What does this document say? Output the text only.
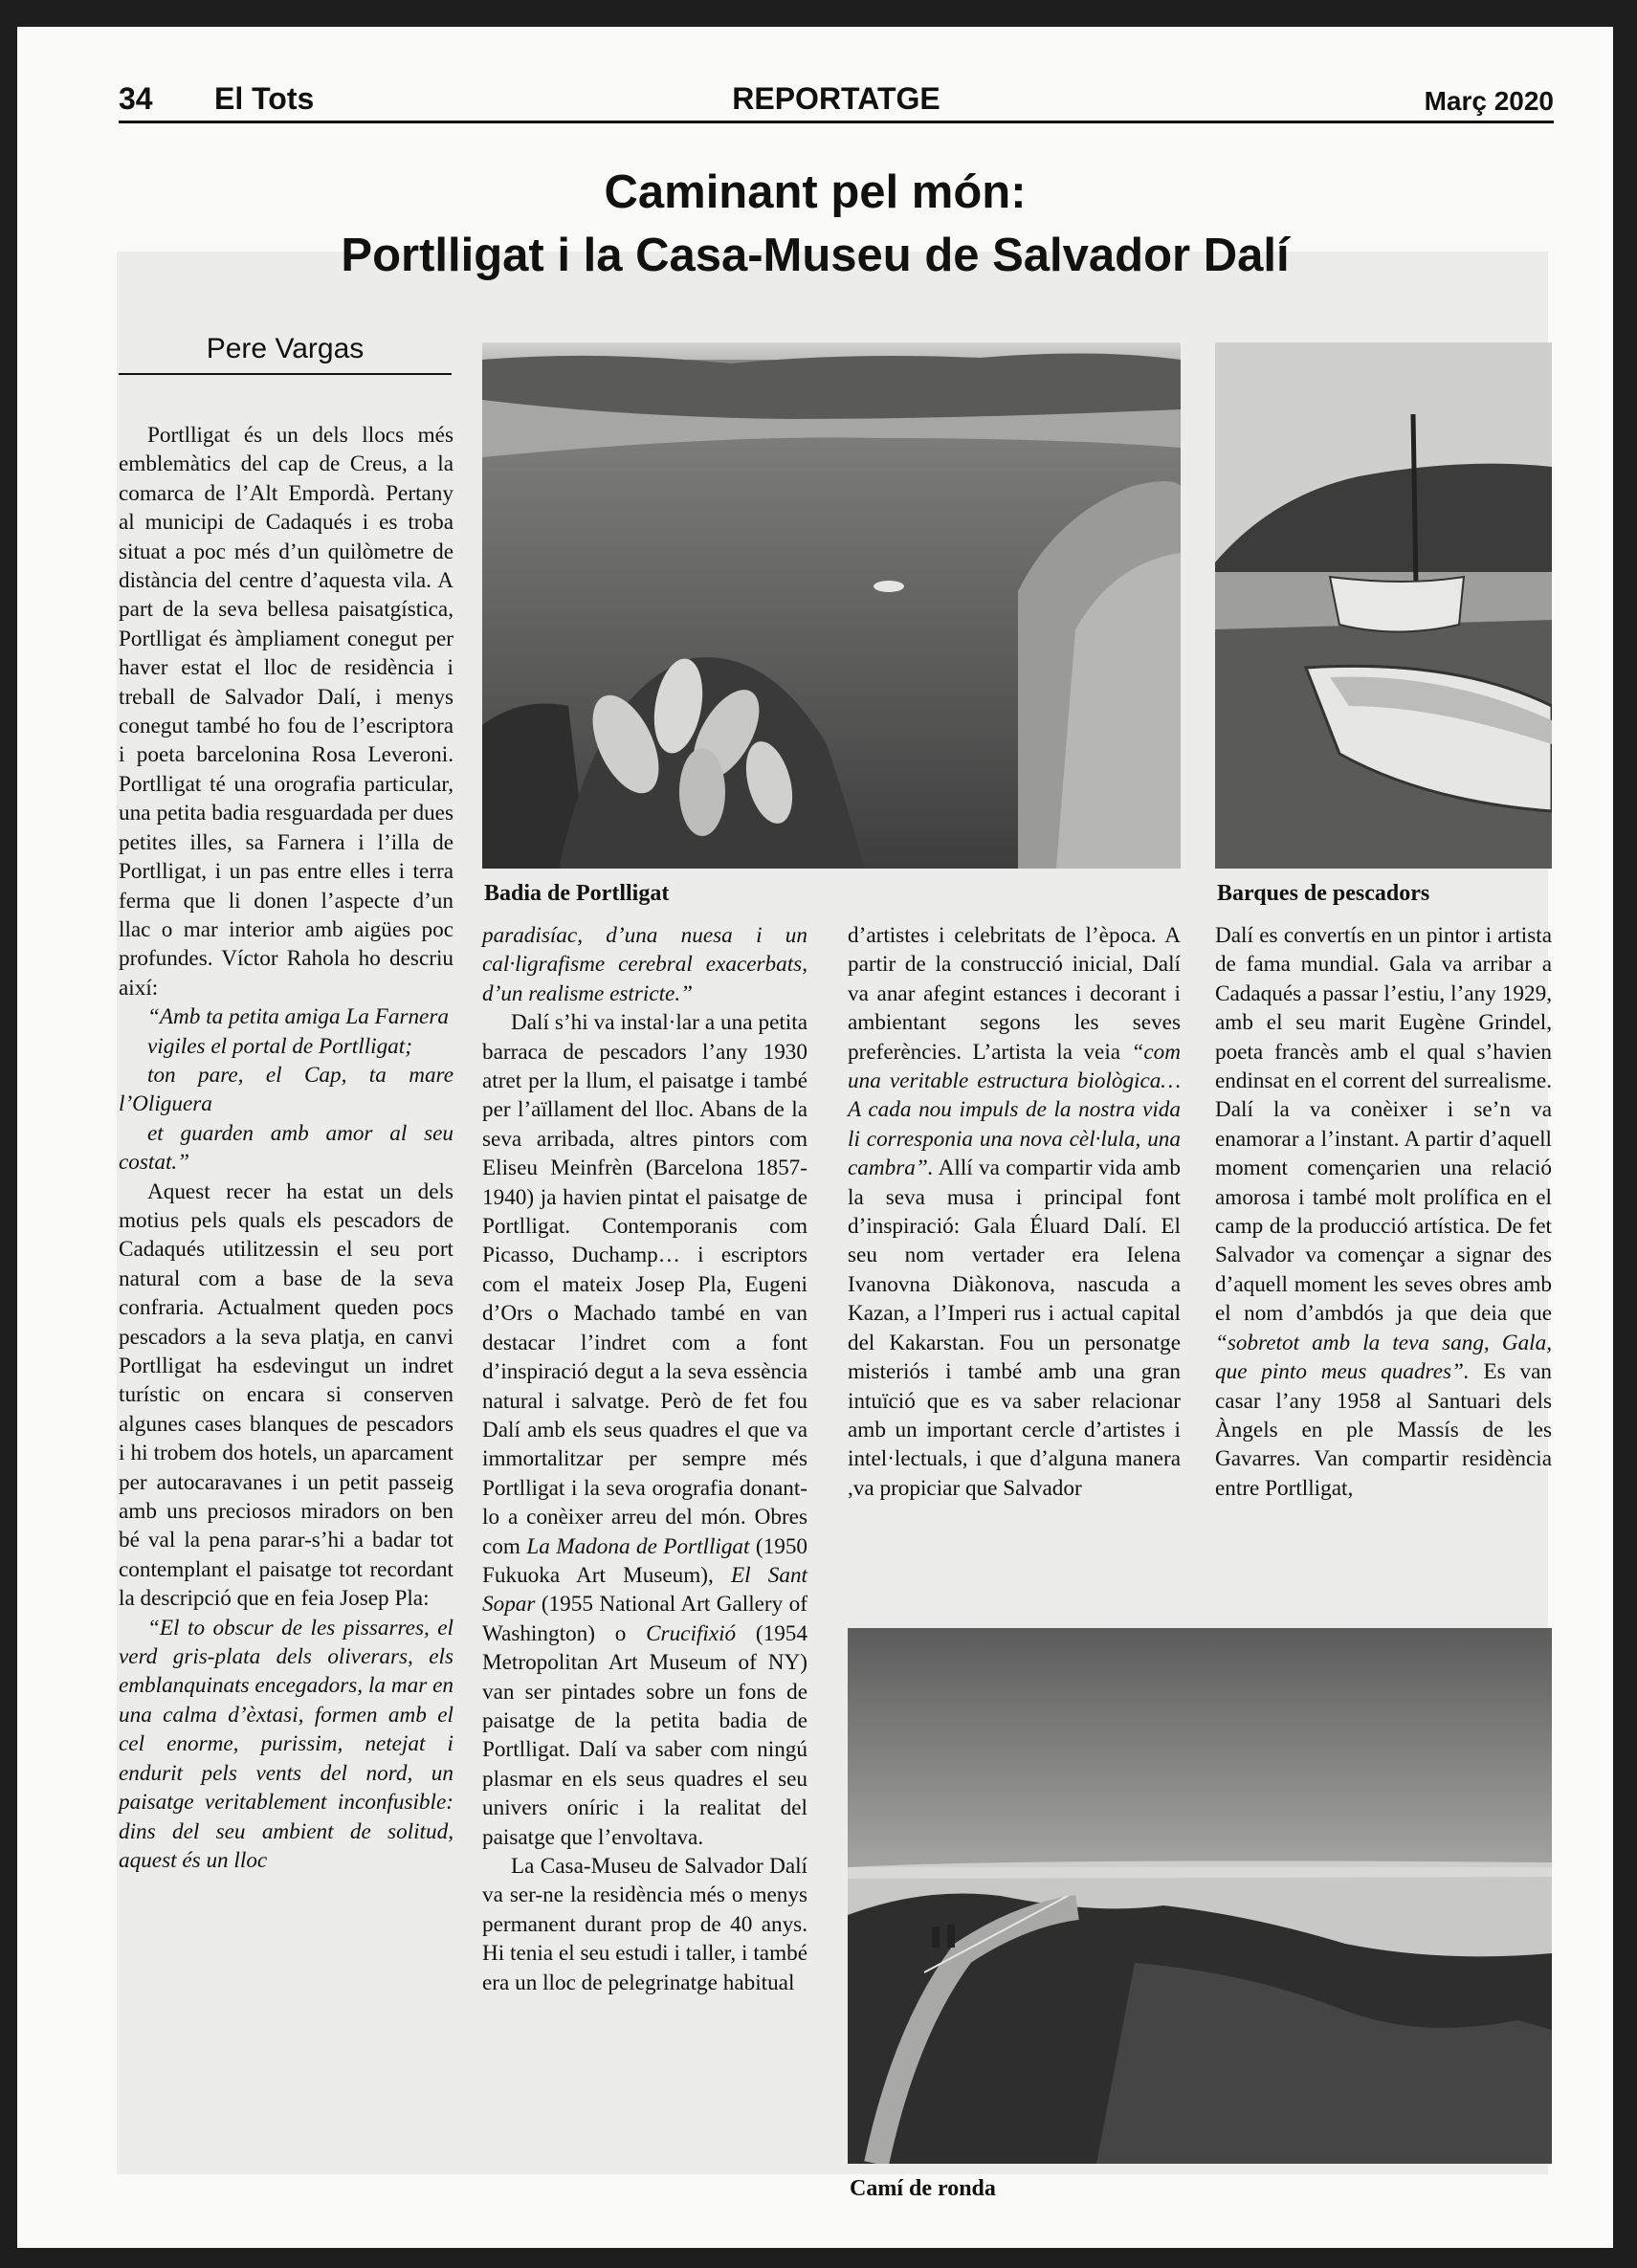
34 El Tots	REPORTATGE	Març 2020
Caminant pel món:
Portlligat i la Casa-Museu de Salvador Dalí
Pere Vargas

Portlligat és un dels llocs més emblemàtics del cap de Creus, a la comarca de l’Alt Empordà. Pertany al municipi de Cadaqués i es troba situat a poc més d’un quilòmetre de distància del centre d’aquesta vila. A part de la seva bellesa paisatgística, Portlligat és àmpliament conegut per haver estat el lloc de residència i treball de Salvador Dalí, i menys conegut també ho fou de l’escriptora i poeta barcelonina Rosa Leveroni. Portlligat té una orografia particular, una petita badia resguardada per dues petites illes, sa Farnera i l’illa de Portlligat, i un pas entre elles i terra ferma que li donen l’aspecte d’un llac o mar interior amb aigües poc profundes. Víctor Rahola ho descriu així:

“Amb ta petita amiga La Farnera

vigiles el portal de Portlligat;

ton pare, el Cap, ta mare l’Oliguera

et guarden amb amor al seu costat.”

Aquest recer ha estat un dels motius pels quals els pescadors de Cadaqués utilitzessin el seu port natural com a base de la seva confraria. Actualment queden pocs pescadors a la seva platja, en canvi Portlligat ha esdevingut un indret turístic on encara si conserven algunes cases blanques de pescadors i hi trobem dos hotels, un aparcament per autocaravanes i un petit passeig amb uns preciosos miradors on ben bé val la pena parar-s’hi a badar tot contemplant el paisatge tot recordant la descripció que en feia Josep Pla:

“El to obscur de les pissarres, el verd gris-plata dels oliverars, els emblanquinats encegadors, la mar en una calma d’èxtasi, formen amb el cel enorme, purissim, netejat i endurit pels vents del nord, un paisatge veritablement inconfusible: dins del seu ambient de solitud, aquest és un lloc

Badia de Portlligat	Barques de pescadors

paradisíac, d’una nuesa i un cal·ligrafisme cerebral exacerbats, d’un realisme estricte.”

Dalí s’hi va instal·lar a una petita barraca de pescadors l’any 1930 atret per la llum, el paisatge i també per l’aïllament del lloc. Abans de la seva arribada, altres pintors com Eliseu Meinfrèn (Barcelona 1857-1940) ja havien pintat el paisatge de Portlligat. Contemporanis com Picasso, Duchamp… i escriptors com el mateix Josep Pla, Eugeni d’Ors o Machado també en van destacar l’indret com a font d’inspiració degut a la seva essència natural i salvatge. Però de fet fou Dalí amb els seus quadres el que va immortalitzar per sempre més Portlligat i la seva orografia donant-lo a conèixer arreu del món. Obres com La Madona de Portlligat (1950 Fukuoka Art Museum), El Sant Sopar (1955 National Art Gallery of Washington) o Crucifixió (1954 Metropolitan Art Museum of NY) van ser pintades sobre un fons de paisatge de la petita badia de Portlligat. Dalí va saber com ningú plasmar en els seus quadres el seu univers oníric i la realitat del paisatge que l’envoltava.

La Casa-Museu de Salvador Dalí va ser-ne la residència més o menys permanent durant prop de 40 anys. Hi tenia el seu estudi i taller, i també era un lloc de pelegrinatge habitual

d’artistes i celebritats de l’època. A partir de la construcció inicial, Dalí va anar afegint estances i decorant i ambientant segons les seves preferències. L’artista la veia “com una veritable estructura biològica… A cada nou impuls de la nostra vida li corresponia una nova cèl·lula, una cambra”. Allí va compartir vida amb la seva musa i principal font d’inspiració: Gala Éluard Dalí. El seu nom vertader era Ielena Ivanovna Diàkonova, nascuda a Kazan, a l’Imperi rus i actual capital del Kakarstan. Fou un personatge misteriós i també amb una gran intuïció que es va saber relacionar amb un important cercle d’artistes i intel·lectuals, i que d’alguna manera ,va propiciar que Salvador

Dalí es convertís en un pintor i artista de fama mundial. Gala va arribar a Cadaqués a passar l’estiu, l’any 1929, amb el seu marit Eugène Grindel, poeta francès amb el qual s’havien endinsat en el corrent del surrealisme. Dalí la va conèixer i se’n va enamorar a l’instant. A partir d’aquell moment començarien una relació amorosa i també molt prolífica en el camp de la producció artística. De fet Salvador va començar a signar des d’aquell moment les seves obres amb el nom d’ambdós ja que deia que “sobretot amb la teva sang, Gala, que pinto meus quadres”. Es van casar l’any 1958 al Santuari dels Àngels en ple Massís de les Gavarres. Van compartir residència entre Portlligat,

Camí de ronda
